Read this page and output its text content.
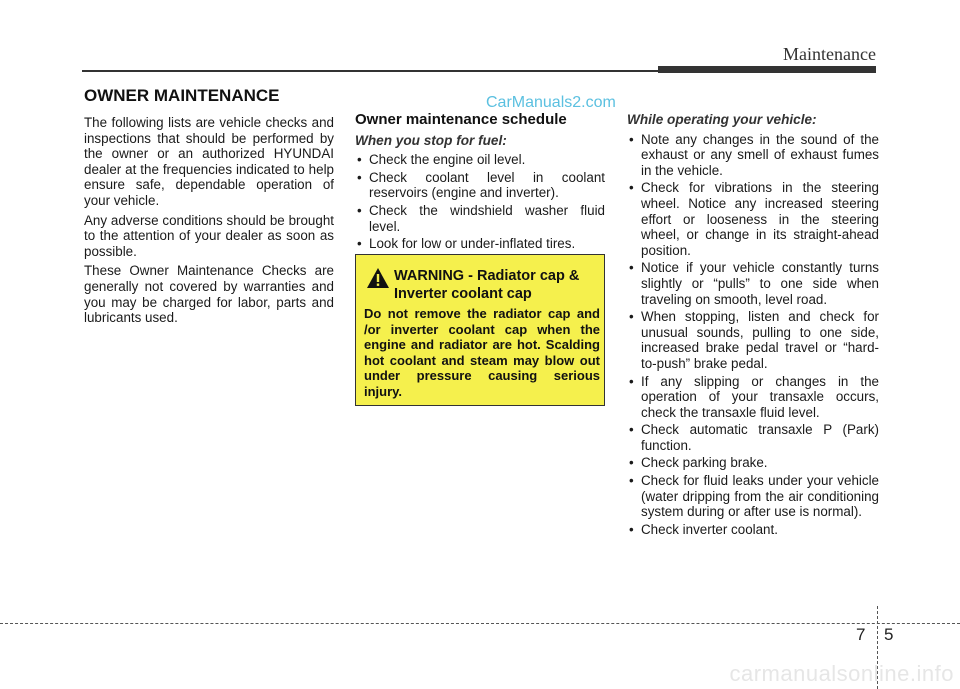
Maintenance
OWNER MAINTENANCE	CarManuals2.com

The following lists are vehicle checks and inspections that should be performed by the owner or an authorized HYUNDAI dealer at the frequencies indicated to help ensure safe, dependable operation of your vehicle.

Any adverse conditions should be brought to the attention of your dealer as soon as possible.

These Owner Maintenance Checks are generally not covered by warranties and you may be charged for labor, parts and lubricants used.

Owner maintenance schedule
When you stop for fuel:
• Check the engine oil level.
• Check coolant level in coolant reservoirs (engine and inverter).
• Check the windshield washer fluid level.
• Look for low or under-inflated tires.
WARNING - Radiator cap & Inverter coolant cap
Do not remove the radiator cap and /or inverter coolant cap when the engine and radiator are hot. Scalding hot coolant and steam may blow out under pressure causing serious injury.
While operating your vehicle:
• Note any changes in the sound of the exhaust or any smell of exhaust fumes in the vehicle.
• Check for vibrations in the steering wheel. Notice any increased steering effort or looseness in the steering wheel, or change in its straight-ahead position.
• Notice if your vehicle constantly turns slightly or “pulls” to one side when traveling on smooth, level road.
• When stopping, listen and check for unusual sounds, pulling to one side, increased brake pedal travel or “hard-to-push” brake pedal.
• If any slipping or changes in the operation of your transaxle occurs, check the transaxle fluid level.
• Check automatic transaxle P (Park) function.
• Check parking brake.
• Check for fluid leaks under your vehicle (water dripping from the air conditioning system during or after use is normal).
• Check inverter coolant.
7 5
carmanualsonline.info
